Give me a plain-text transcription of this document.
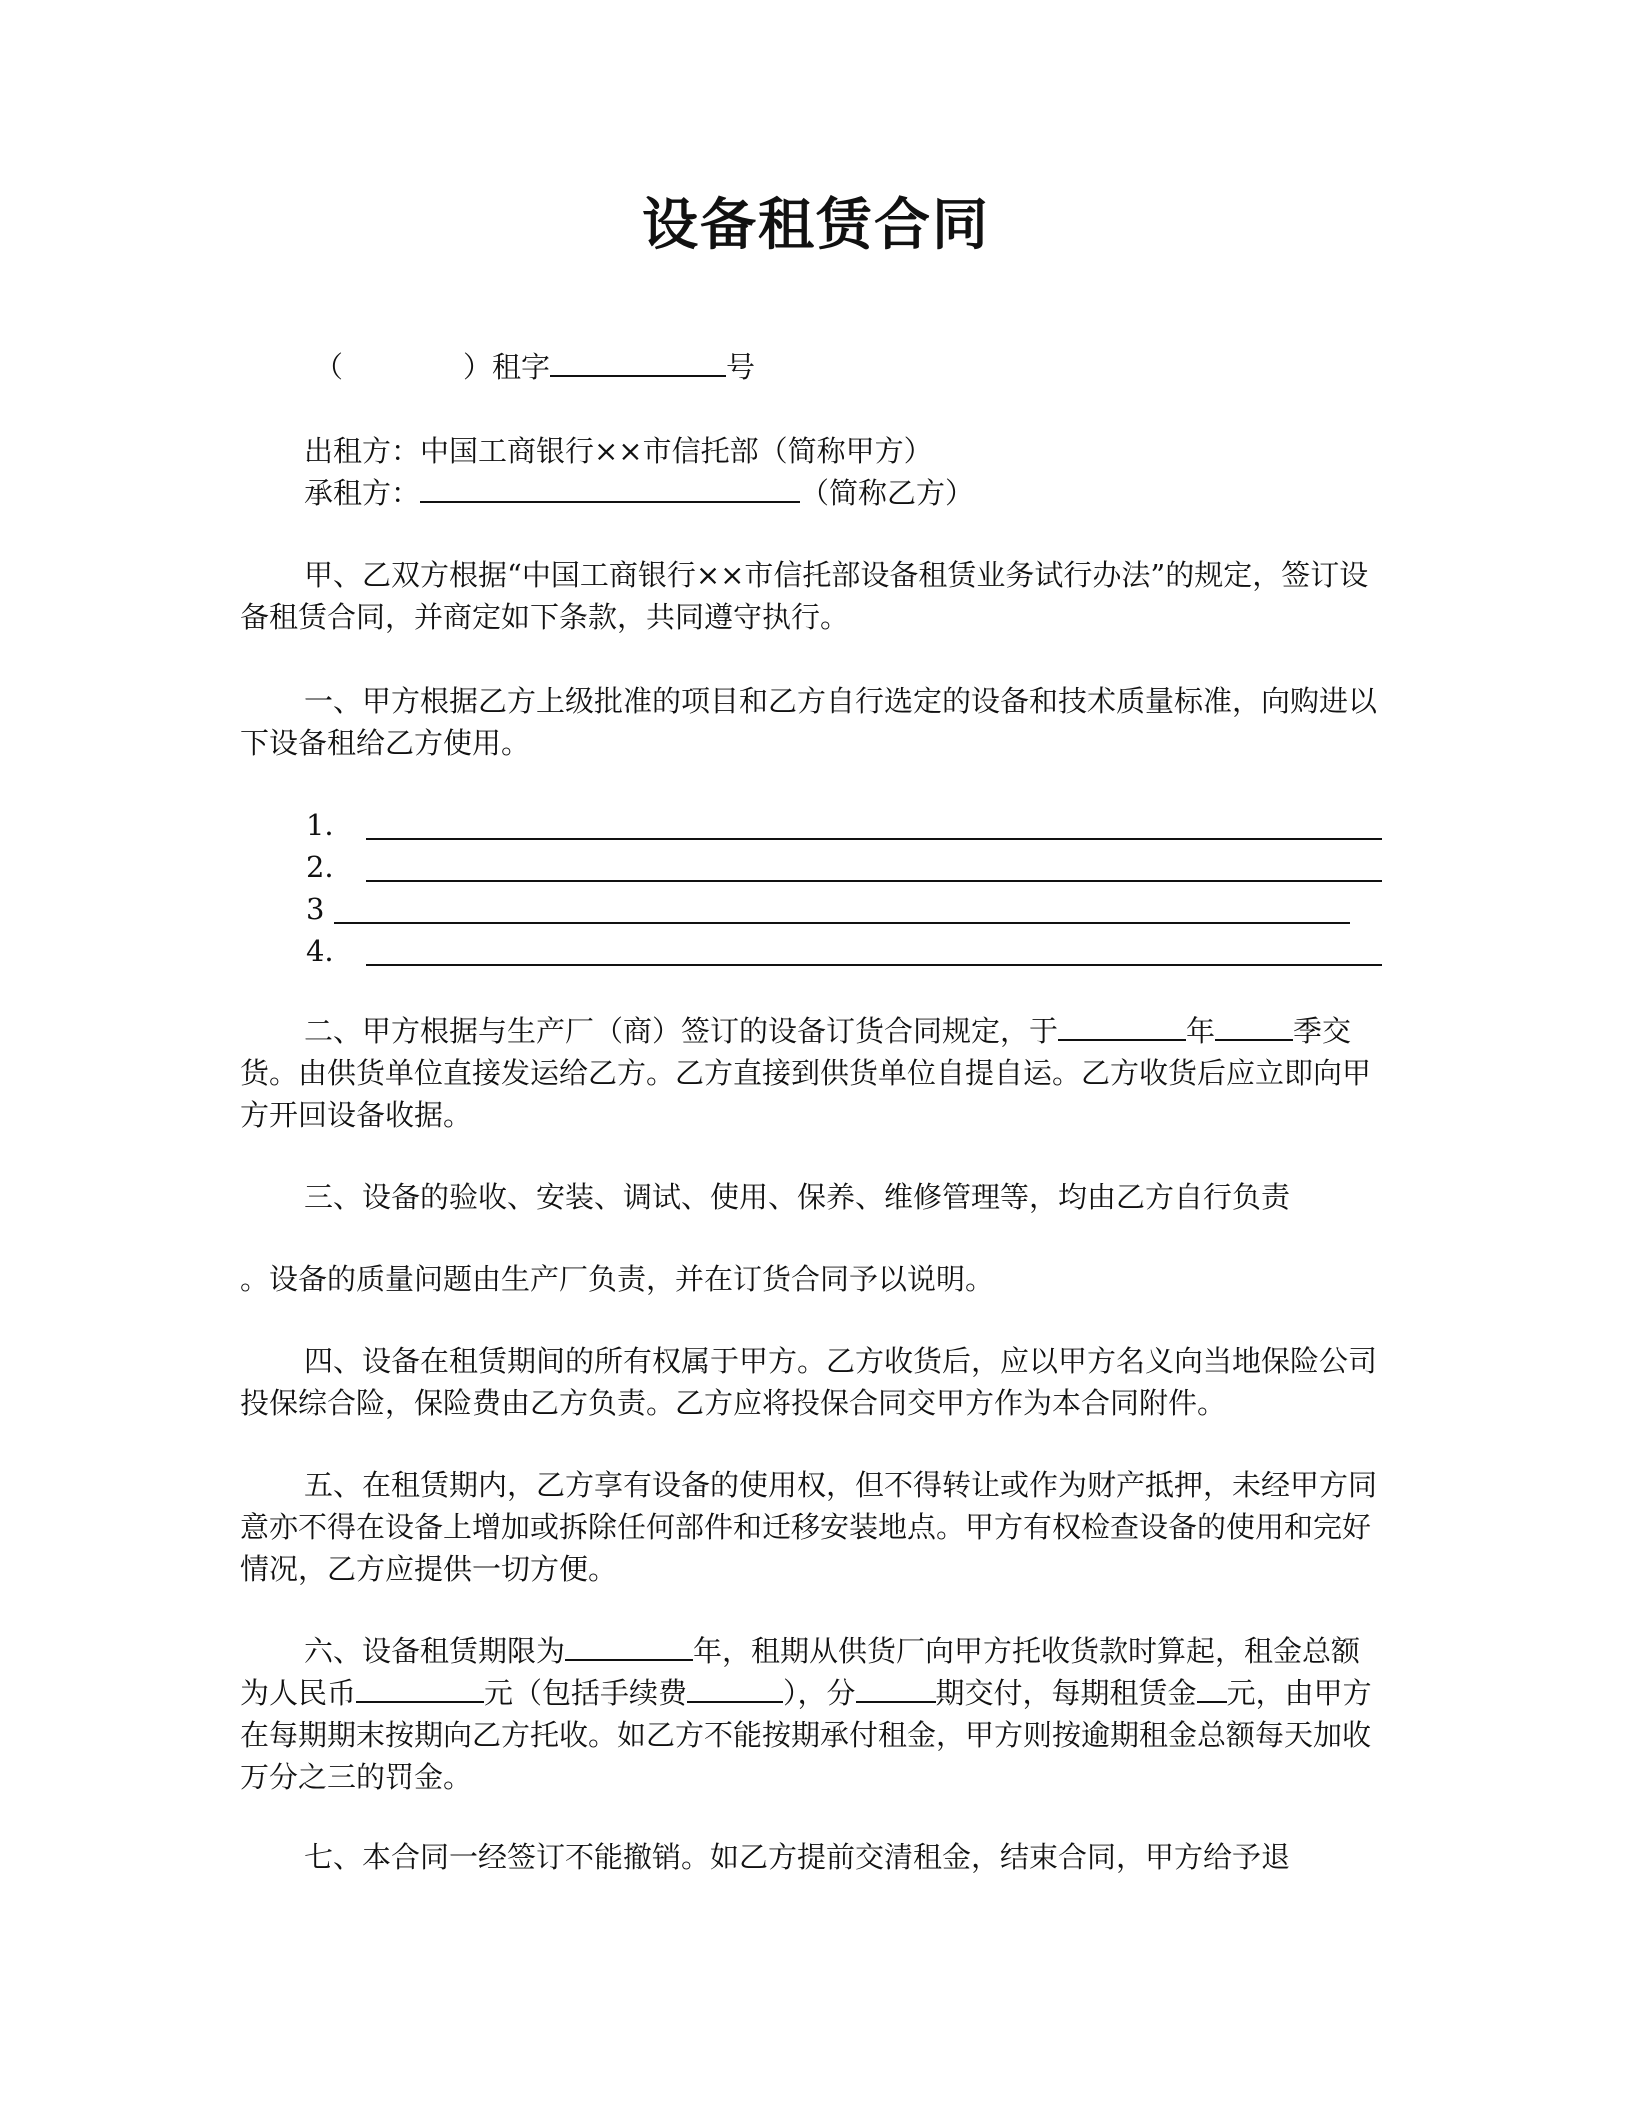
设备租赁合同
（	）租字	号
出租方：中国工商银行××市信托部（简称甲方）
承租方：	（简称乙方）
甲、乙双方根据“中国工商银行××市信托部设备租赁业务试行办法”的规定，签订设备租赁合同，并商定如下条款，共同遵守执行。
一、甲方根据乙方上级批准的项目和乙方自行选定的设备和技术质量标准，向购进以下设备租给乙方使用。
1．
2．
3
4．
二、甲方根据与生产厂（商）签订的设备订货合同规定，于	年	季交货。由供货单位直接发运给乙方。乙方直接到供货单位自提自运。乙方收货后应立即向甲方开回设备收据。
三、设备的验收、安装、调试、使用、保养、维修管理等，均由乙方自行负责
。设备的质量问题由生产厂负责，并在订货合同予以说明。
四、设备在租赁期间的所有权属于甲方。乙方收货后，应以甲方名义向当地保险公司投保综合险，保险费由乙方负责。乙方应将投保合同交甲方作为本合同附件。
五、在租赁期内，乙方享有设备的使用权，但不得转让或作为财产抵押，未经甲方同意亦不得在设备上增加或拆除任何部件和迁移安装地点。甲方有权检查设备的使用和完好情况，乙方应提供一切方便。
六、设备租赁期限为	年，租期从供货厂向甲方托收货款时算起，租金总额为人民币	元（包括手续费	），分	期交付，每期租赁金 元，由甲方在每期期末按期向乙方托收。如乙方不能按期承付租金，甲方则按逾期租金总额每天加收万分之三的罚金。
七、本合同一经签订不能撤销。如乙方提前交清租金，结束合同，甲方给予退
